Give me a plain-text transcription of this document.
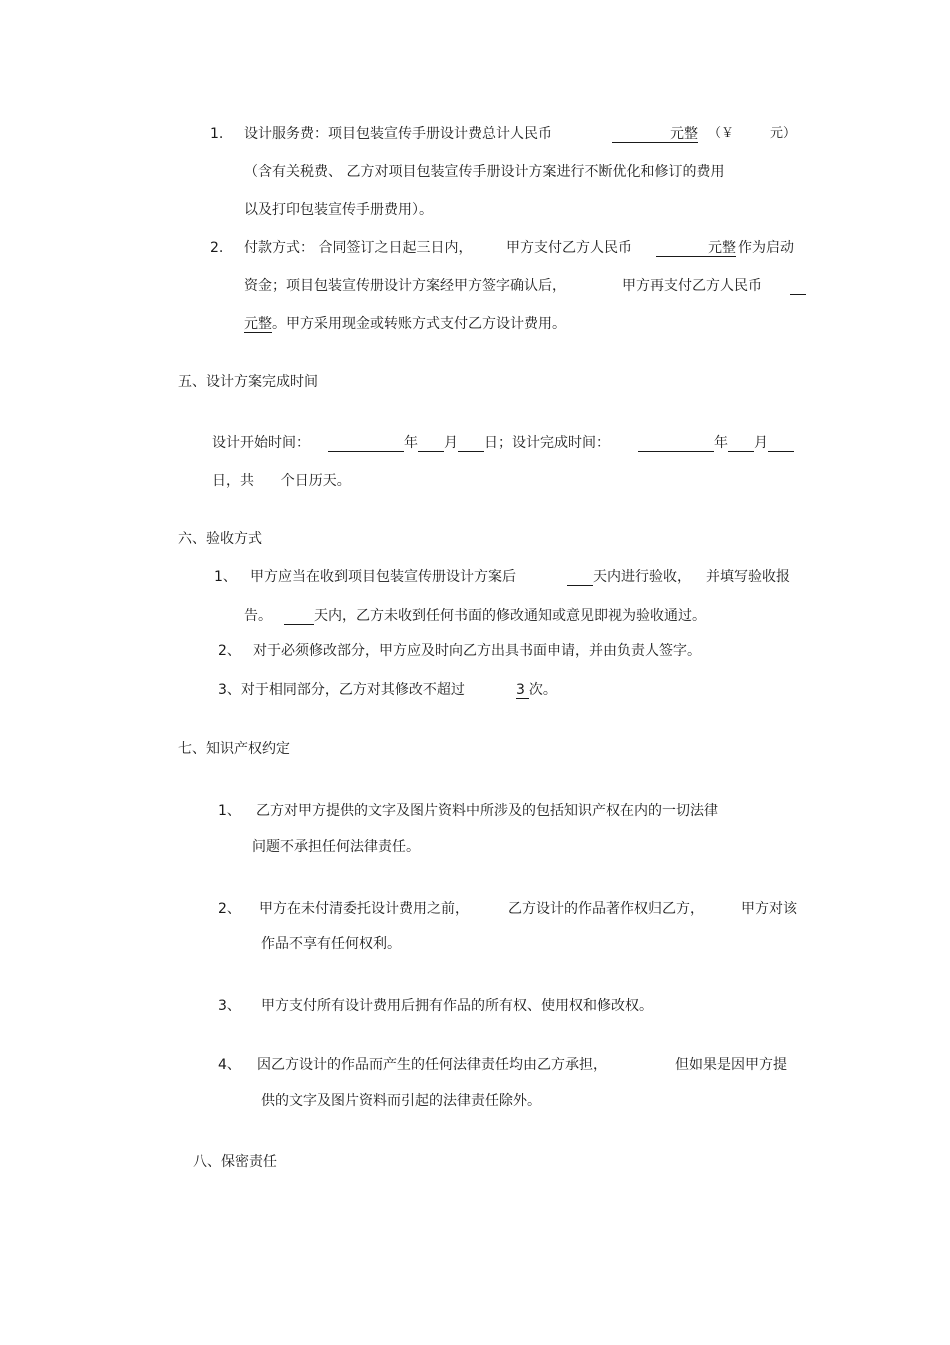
1. 设计服务费：项目包装宣传手册设计费总计人民币	元整 （￥	元）
（含有关税费、 乙方对项目包装宣传手册设计方案进行不断优化和修订的费用
以及打印包装宣传手册费用）。
2. 付款方式： 合同签订之日起三日内， 甲方支付乙方人民币	元整 作为启动
资金；项目包装宣传册设计方案经甲方签字确认后，	甲方再支付乙方人民币
元整。甲方采用现金或转账方式支付乙方设计费用。
五、设计方案完成时间
设计开始时间：	年 月 日；设计完成时间：	年 月
日，共      个日历天。
六、验收方式
1、 甲方应当在收到项目包装宣传册设计方案后	天内进行验收， 并填写验收报
告。	天内，乙方未收到任何书面的修改通知或意见即视为验收通过。
2、 对于必须修改部分，甲方应及时向乙方出具书面申请，并由负责人签字。
3、对于相同部分，乙方对其修改不超过	3 次。
七、知识产权约定
1、 乙方对甲方提供的文字及图片资料中所涉及的包括知识产权在内的一切法律
问题不承担任何法律责任。
2、 甲方在未付清委托设计费用之前，	乙方设计的作品著作权归乙方，	甲方对该
作品不享有任何权利。
3、 甲方支付所有设计费用后拥有作品的所有权、使用权和修改权。
4、 因乙方设计的作品而产生的任何法律责任均由乙方承担，	但如果是因甲方提
供的文字及图片资料而引起的法律责任除外。
八、保密责任
